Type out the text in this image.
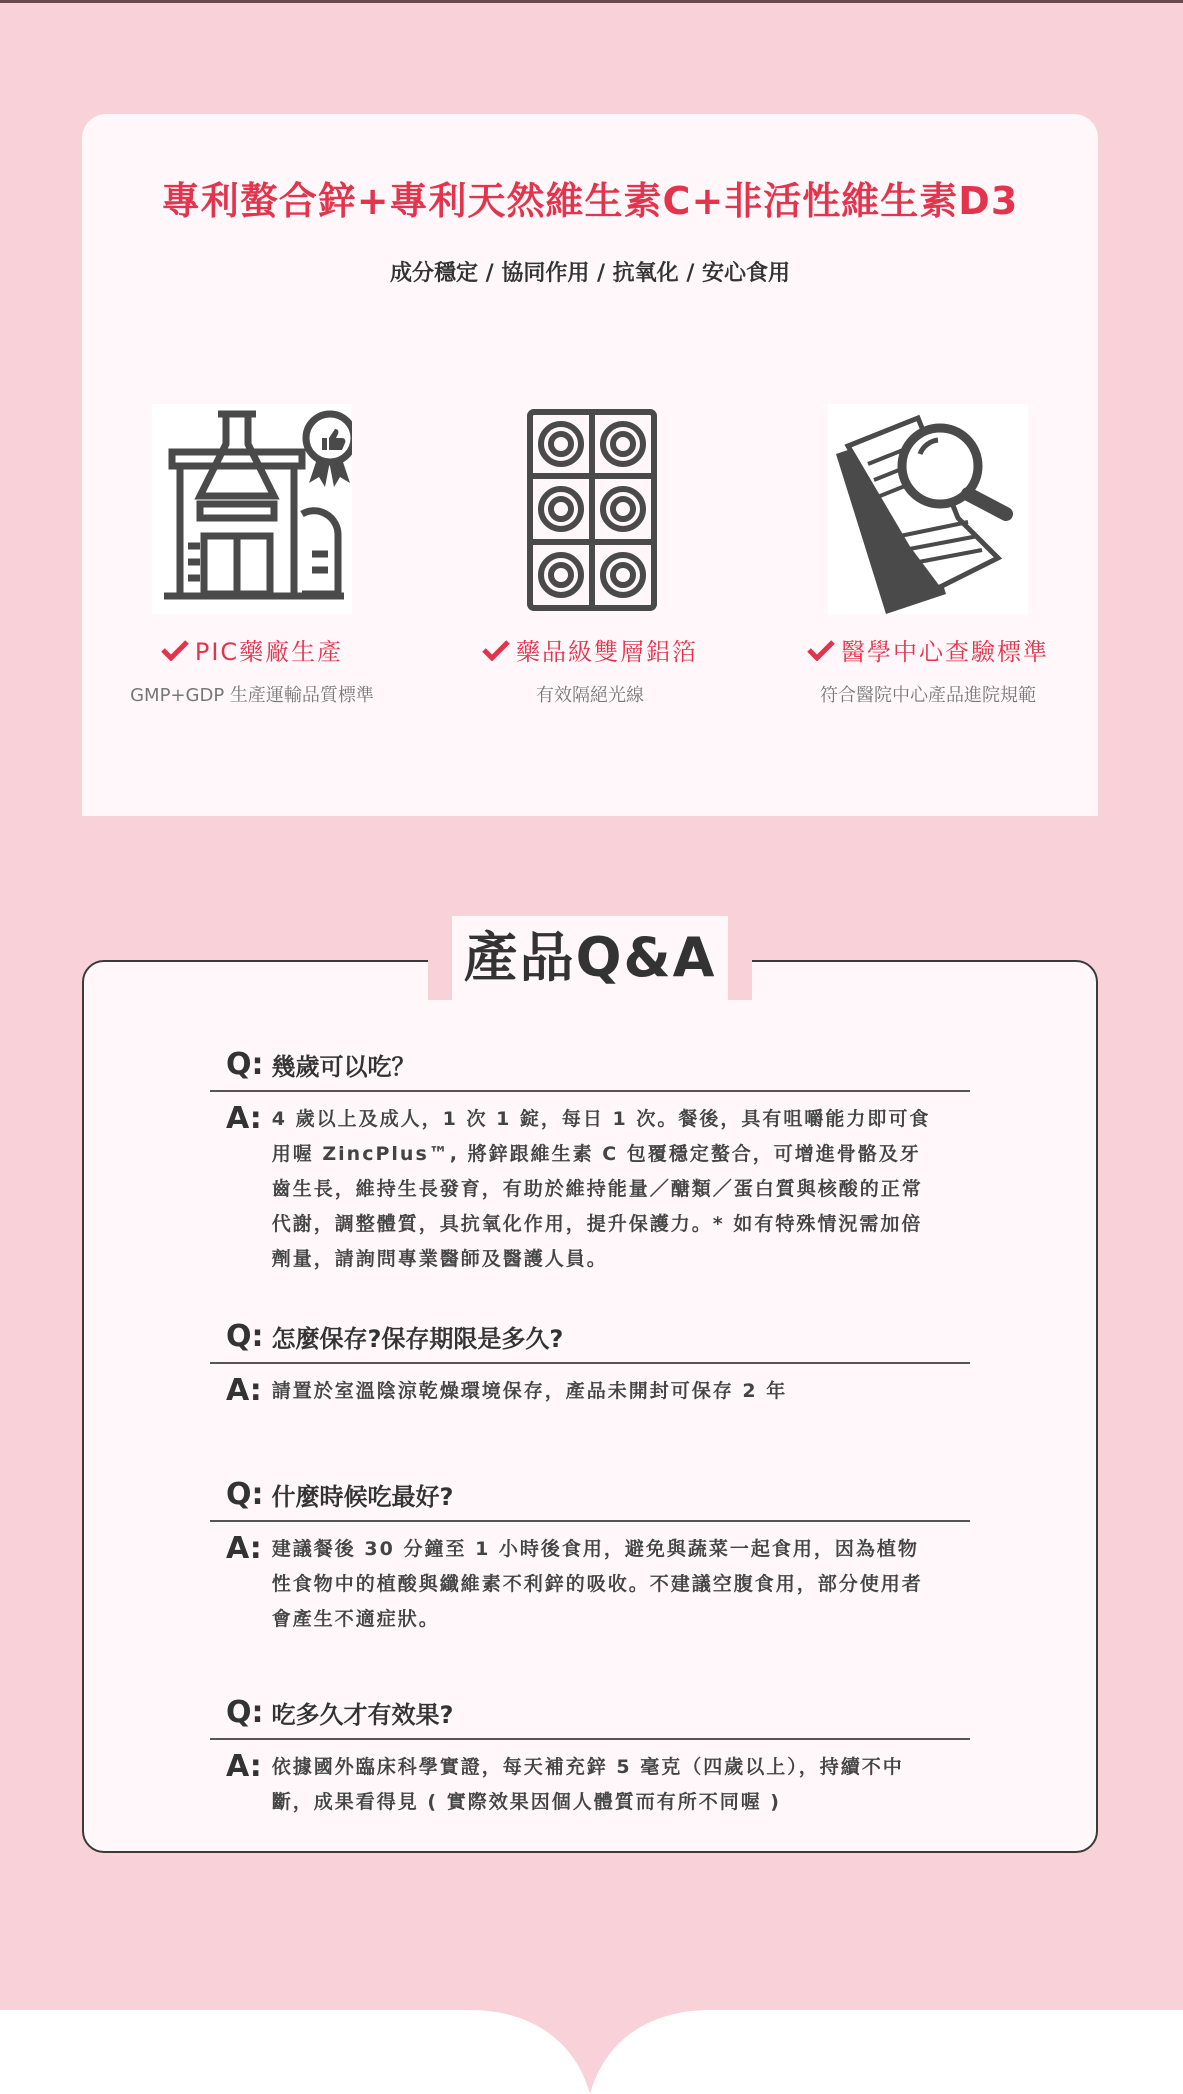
專利螯合鋅+專利天然維生素C+非活性維生素D3

成分穩定 / 協同作用 / 抗氧化 / 安心食用

PIC藥廠生產
GMP+GDP 生產運輸品質標準
藥品級雙層鋁箔
有效隔絕光線
醫學中心查驗標準
符合醫院中心產品進院規範
產品Q&A
Q: 幾歲可以吃？
A: 4 歲以上及成人，1 次 1 錠，每日 1 次。餐後，具有咀嚼能力即可食用喔 ZincPlus™, 將鋅跟維生素 C 包覆穩定螯合，可增進骨骼及牙齒生長，維持生長發育，有助於維持能量／醣類／蛋白質與核酸的正常代謝，調整體質，具抗氧化作用，提升保護力。* 如有特殊情況需加倍劑量，請詢問專業醫師及醫護人員。
Q: 怎麼保存?保存期限是多久?
A: 請置於室溫陰涼乾燥環境保存，產品未開封可保存 2 年
Q: 什麼時候吃最好?
A: 建議餐後 30 分鐘至 1 小時後食用，避免與蔬菜一起食用，因為植物性食物中的植酸與纖維素不利鋅的吸收。不建議空腹食用，部分使用者會產生不適症狀。
Q: 吃多久才有效果?
A: 依據國外臨床科學實證，每天補充鋅 5 毫克（四歲以上），持續不中斷，成果看得見 ( 實際效果因個人體質而有所不同喔 )
